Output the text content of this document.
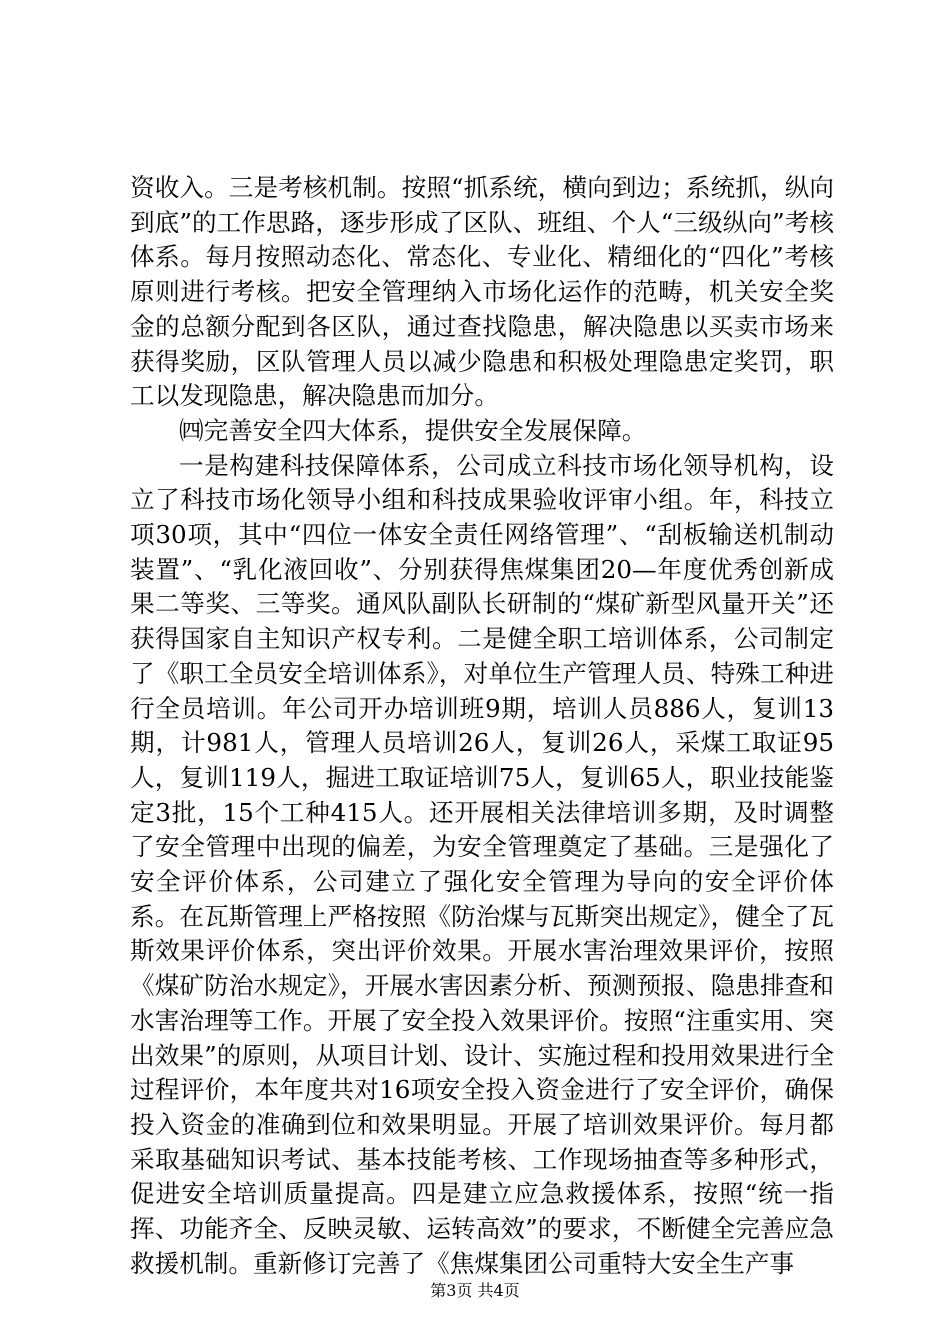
资收入。三是考核机制。按照“抓系统，横向到边；系统抓，纵向到底”的工作思路，逐步形成了区队、班组、个人“三级纵向”考核体系。每月按照动态化、常态化、专业化、精细化的“四化”考核原则进行考核。把安全管理纳入市场化运作的范畴，机关安全奖金的总额分配到各区队，通过查找隐患，解决隐患以买卖市场来获得奖励，区队管理人员以减少隐患和积极处理隐患定奖罚，职工以发现隐患，解决隐患而加分。

㈣完善安全四大体系，提供安全发展保障。

一是构建科技保障体系，公司成立科技市场化领导机构，设立了科技市场化领导小组和科技成果验收评审小组。年，科技立项30项，其中“四位一体安全责任网络管理”、“刮板输送机制动装置”、“乳化液回收”、分别获得焦煤集团20—年度优秀创新成果二等奖、三等奖。通风队副队长研制的“煤矿新型风量开关”还获得国家自主知识产权专利。二是健全职工培训体系，公司制定了《职工全员安全培训体系》，对单位生产管理人员、特殊工种进行全员培训。年公司开办培训班9期，培训人员886人，复训13期，计981人，管理人员培训26人，复训26人，采煤工取证95人，复训119人，掘进工取证培训75人，复训65人，职业技能鉴定3批，15个工种415人。还开展相关法律培训多期，及时调整了安全管理中出现的偏差，为安全管理奠定了基础。三是强化了安全评价体系，公司建立了强化安全管理为导向的安全评价体系。在瓦斯管理上严格按照《防治煤与瓦斯突出规定》，健全了瓦斯效果评价体系，突出评价效果。开展水害治理效果评价，按照《煤矿防治水规定》，开展水害因素分析、预测预报、隐患排查和水害治理等工作。开展了安全投入效果评价。按照“注重实用、突出效果”的原则，从项目计划、设计、实施过程和投用效果进行全过程评价，本年度共对16项安全投入资金进行了安全评价，确保投入资金的准确到位和效果明显。开展了培训效果评价。每月都采取基础知识考试、基本技能考核、工作现场抽查等多种形式，促进安全培训质量提高。四是建立应急救援体系，按照“统一指挥、功能齐全、反映灵敏、运转高效”的要求，不断健全完善应急救援机制。重新修订完善了《焦煤集团公司重特大安全生产事

第3页 共4页
